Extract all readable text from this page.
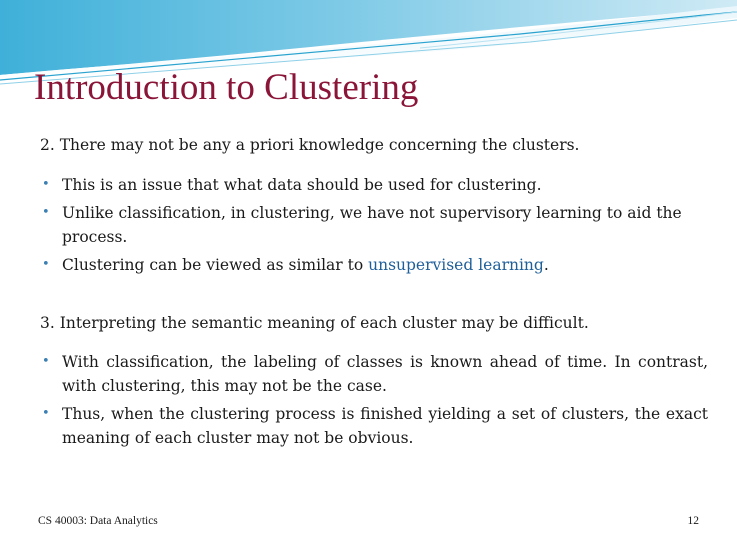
Introduction to Clustering
2. There may not be any a priori knowledge concerning the clusters.
• This is an issue that what data should be used for clustering.
• Unlike classification, in clustering, we have not supervisory learning to aid the process.
• Clustering can be viewed as similar to unsupervised learning.
3. Interpreting the semantic meaning of each cluster may be difficult.
• With classification, the labeling of classes is known ahead of time. In contrast, with clustering, this may not be the case.
• Thus, when the clustering process is finished yielding a set of clusters, the exact meaning of each cluster may not be obvious.
CS 40003: Data Analytics	12
